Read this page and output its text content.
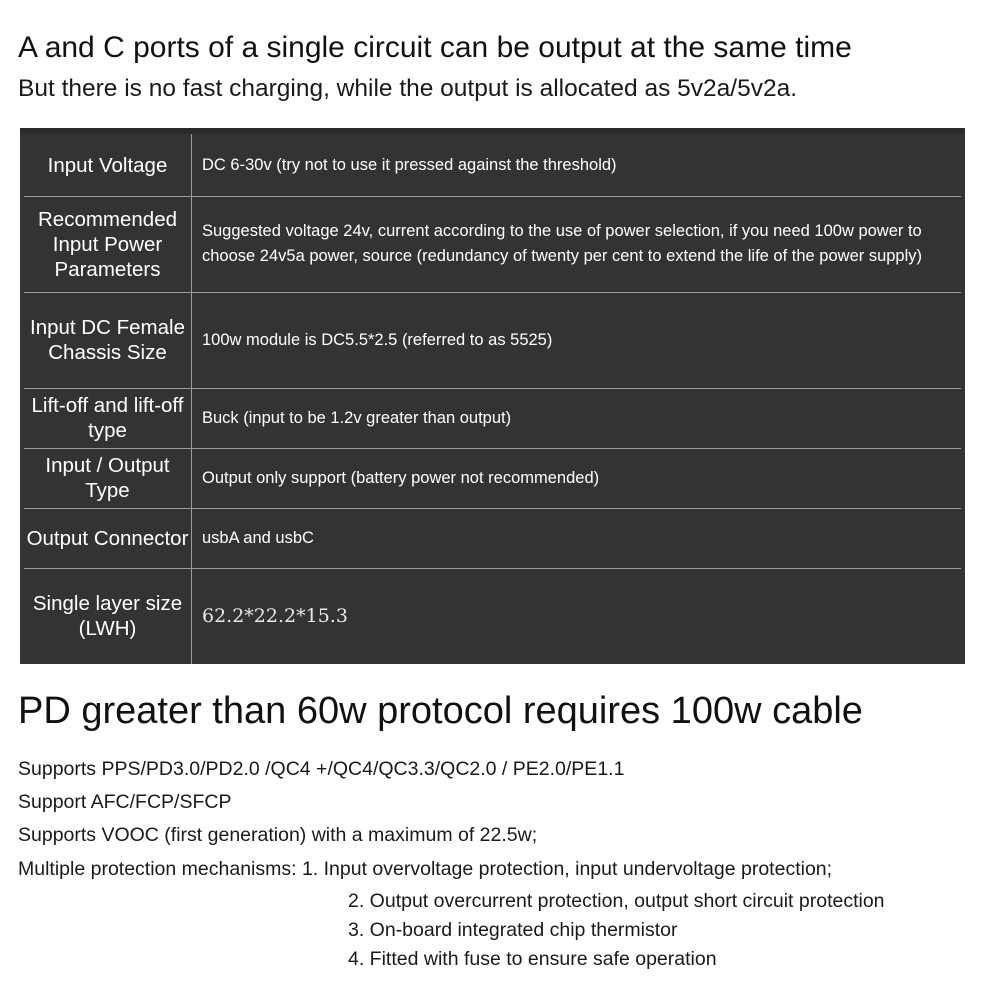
A and C ports of a single circuit can be output at the same time
But there is no fast charging, while the output is allocated as 5v2a/5v2a.
Input Voltage	DC 6-30v (try not to use it pressed against the threshold)
Recommended Input Power Parameters
Suggested voltage 24v, current according to the use of power selection, if you need 100w power to choose 24v5a power, source (redundancy of twenty per cent to extend the life of the power supply)
Input DC Female Chassis Size
100w module is DC5.5*2.5 (referred to as 5525)
Lift-off and lift-off type
Buck (input to be 1.2v greater than output)
Input / Output Type
Output only support (battery power not recommended)
Output Connector usbA and usbC
Single layer size (LWH)
62.2*22.2*15.3
PD greater than 60w protocol requires 100w cable
Supports PPS/PD3.0/PD2.0 /QC4 +/QC4/QC3.3/QC2.0 / PE2.0/PE1.1
Support AFC/FCP/SFCP
Supports VOOC (first generation) with a maximum of 22.5w;
Multiple protection mechanisms: 1. Input overvoltage protection, input undervoltage protection;
2. Output overcurrent protection, output short circuit protection
3. On-board integrated chip thermistor
4. Fitted with fuse to ensure safe operation
